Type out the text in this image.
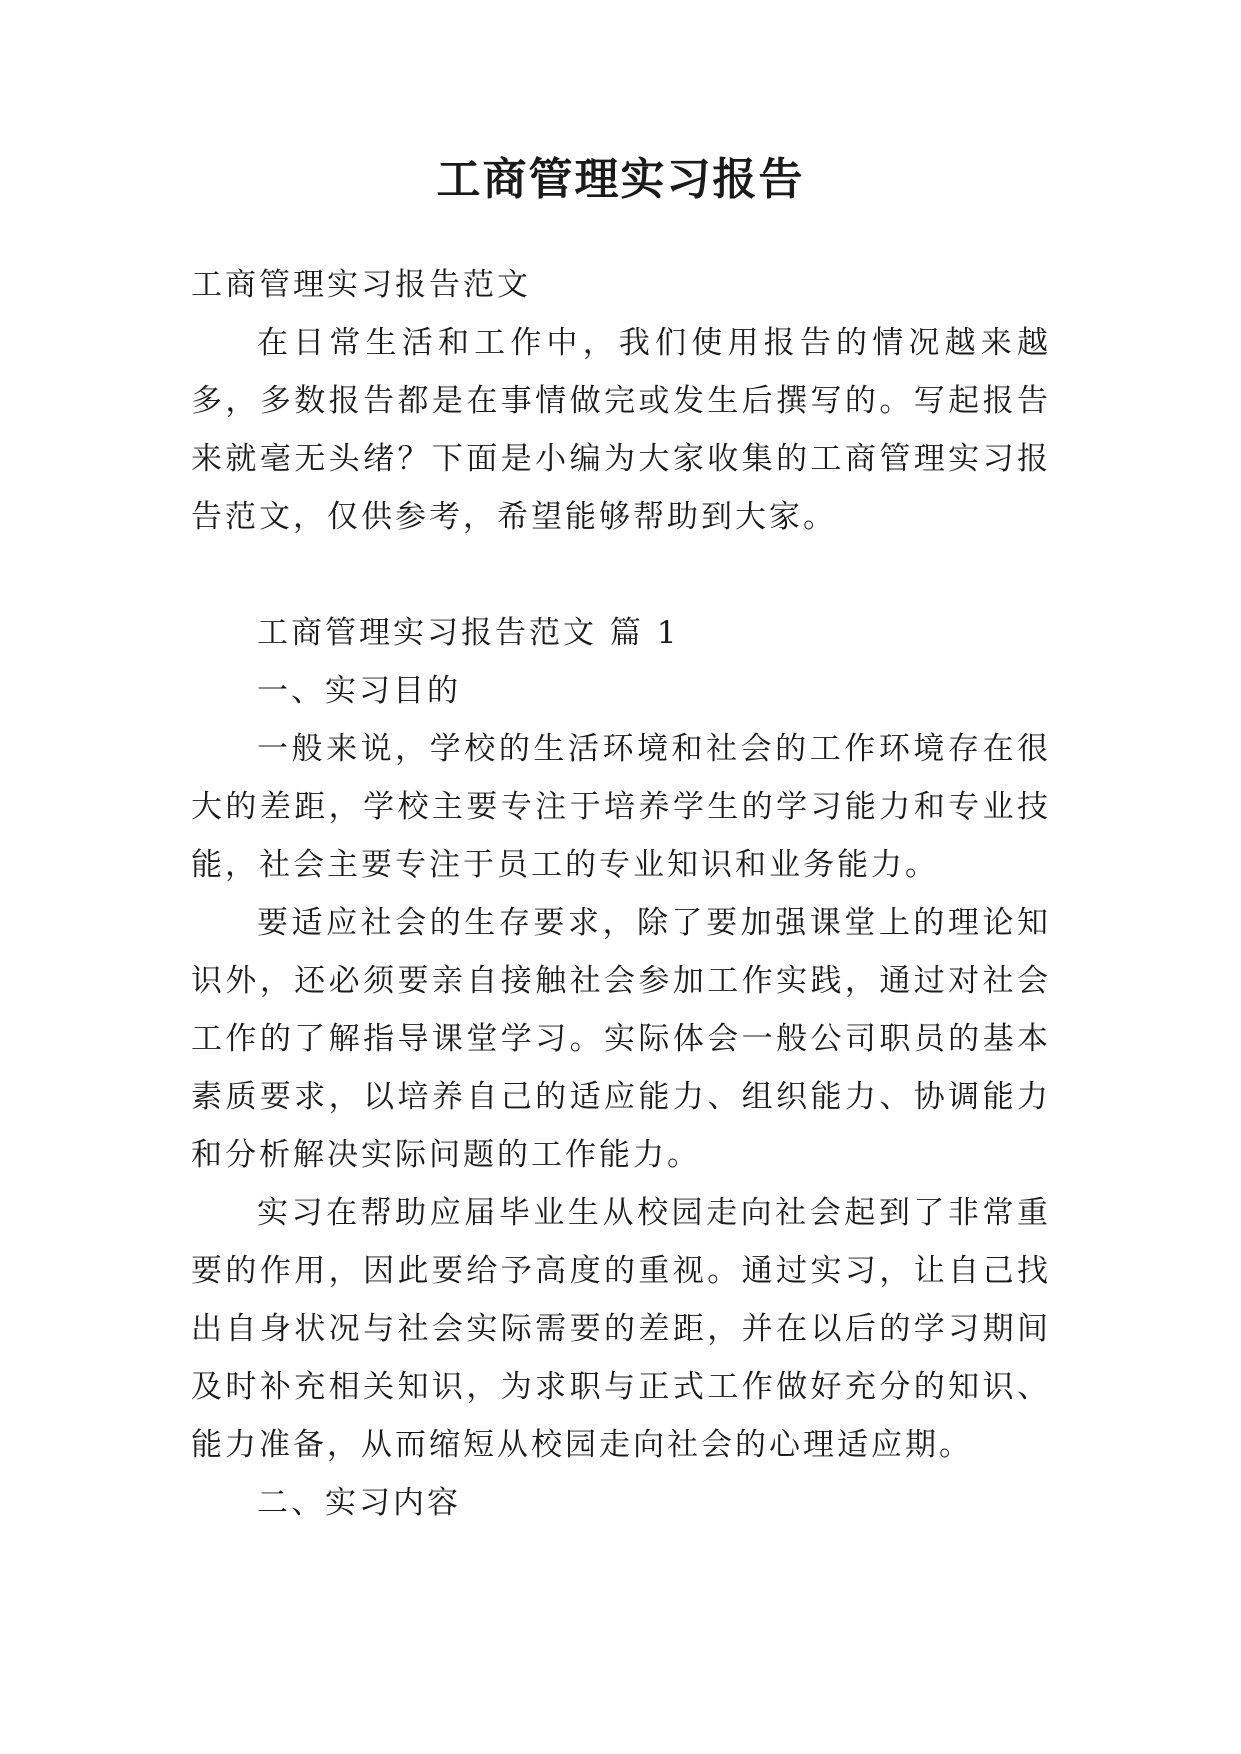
工商管理实习报告

工商管理实习报告范文

在日常生活和工作中，我们使用报告的情况越来越多，多数报告都是在事情做完或发生后撰写的。写起报告来就毫无头绪？下面是小编为大家收集的工商管理实习报告范文，仅供参考，希望能够帮助到大家。

工商管理实习报告范文 篇 1

一、实习目的

一般来说，学校的生活环境和社会的工作环境存在很大的差距，学校主要专注于培养学生的学习能力和专业技能，社会主要专注于员工的专业知识和业务能力。

要适应社会的生存要求，除了要加强课堂上的理论知识外，还必须要亲自接触社会参加工作实践，通过对社会工作的了解指导课堂学习。实际体会一般公司职员的基本素质要求，以培养自己的适应能力、组织能力、协调能力和分析解决实际问题的工作能力。

实习在帮助应届毕业生从校园走向社会起到了非常重要的作用，因此要给予高度的重视。通过实习，让自己找出自身状况与社会实际需要的差距，并在以后的学习期间及时补充相关知识，为求职与正式工作做好充分的知识、能力准备，从而缩短从校园走向社会的心理适应期。

二、实习内容
